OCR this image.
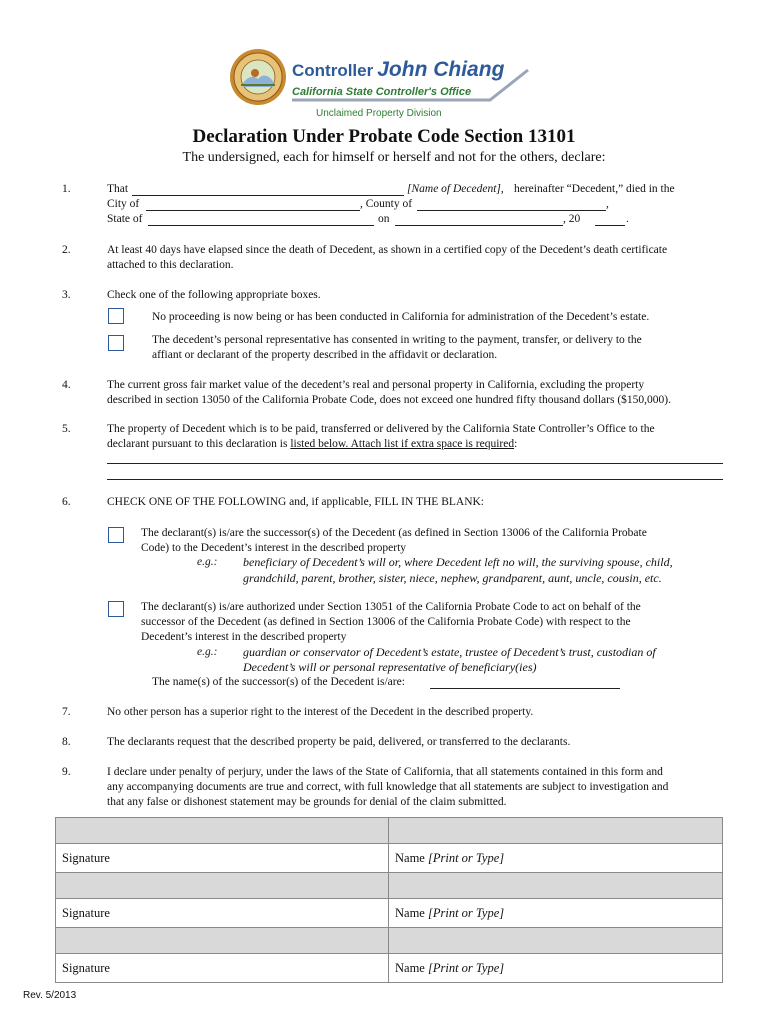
Controller John Chiang
California State Controller's Office
Unclaimed Property Division
Declaration Under Probate Code Section 13101
The undersigned, each for himself or herself and not for the others, declare:
1.	That	[Name of Decedent], hereinafter “Decedent,” died in the
City of	, County of	,
State of	on	, 20	.
2.	At least 40 days have elapsed since the death of Decedent, as shown in a certified copy of the Decedent’s death certificate
attached to this declaration.
3.	Check one of the following appropriate boxes.
No proceeding is now being or has been conducted in California for administration of the Decedent’s estate.
The decedent’s personal representative has consented in writing to the payment, transfer, or delivery to the
affiant or declarant of the property described in the affidavit or declaration.
4.	The current gross fair market value of the decedent’s real and personal property in California, excluding the property
described in section 13050 of the California Probate Code, does not exceed one hundred fifty thousand dollars ($150,000).
5.	The property of Decedent which is to be paid, transferred or delivered by the California State Controller’s Office to the
declarant pursuant to this declaration is listed below. Attach list if extra space is required:
6.	CHECK ONE OF THE FOLLOWING and, if applicable, FILL IN THE BLANK:
The declarant(s) is/are the successor(s) of the Decedent (as defined in Section 13006 of the California Probate
Code) to the Decedent’s interest in the described property
e.g.: beneficiary of Decedent’s will or, where Decedent left no will, the surviving spouse, child,
grandchild, parent, brother, sister, niece, nephew, grandparent, aunt, uncle, cousin, etc.
The declarant(s) is/are authorized under Section 13051 of the California Probate Code to act on behalf of the
successor of the Decedent (as defined in Section 13006 of the California Probate Code) with respect to the
Decedent’s interest in the described property
e.g.: guardian or conservator of Decedent’s estate, trustee of Decedent’s trust, custodian of
Decedent’s will or personal representative of beneficiary(ies)
The name(s) of the successor(s) of the Decedent is/are:
7.	No other person has a superior right to the interest of the Decedent in the described property.
8.	The declarants request that the described property be paid, delivered, or transferred to the declarants.
9.	I declare under penalty of perjury, under the laws of the State of California, that all statements contained in this form and
any accompanying documents are true and correct, with full knowledge that all statements are subject to investigation and
that any false or dishonest statement may be grounds for denial of the claim submitted.

Signature	Name [Print or Type]

Signature	Name [Print or Type]

Signature	Name [Print or Type]
Rev. 5/2013
